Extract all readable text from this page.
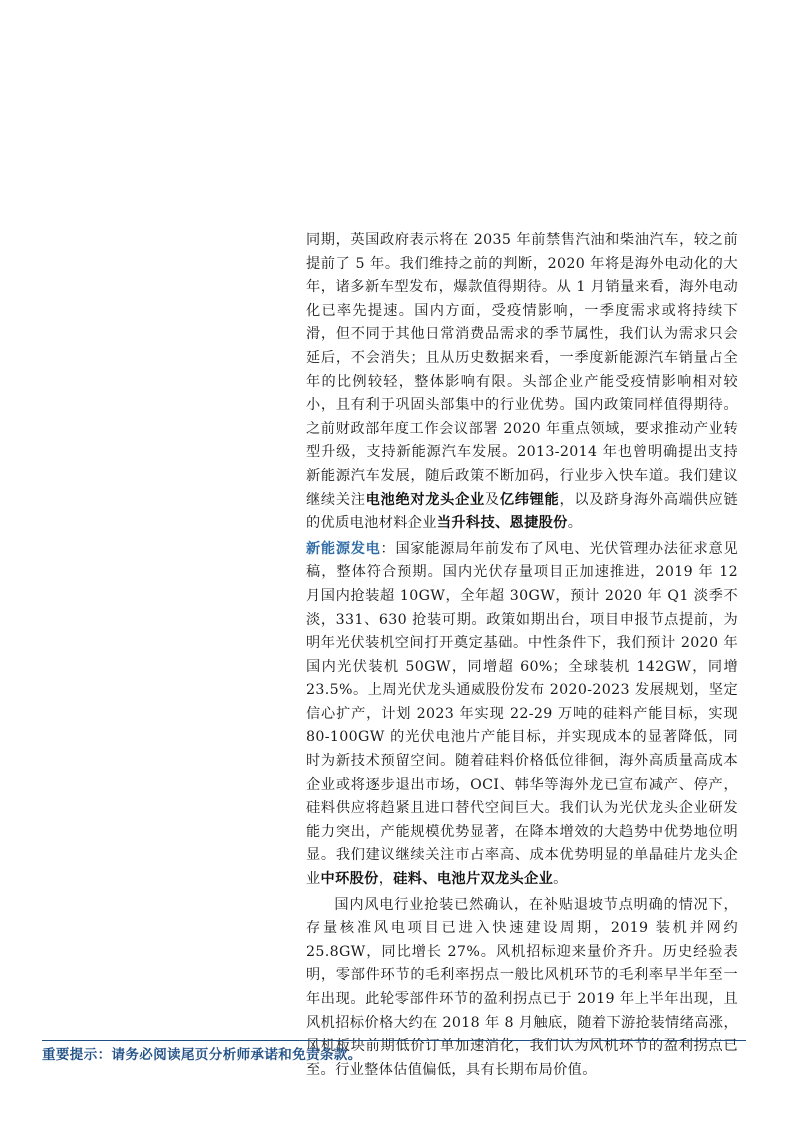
同期，英国政府表示将在 2035 年前禁售汽油和柴油汽车，较之前提前了 5 年。我们维持之前的判断，2020 年将是海外电动化的大年，诸多新车型发布，爆款值得期待。从 1 月销量来看，海外电动化已率先提速。国内方面，受疫情影响，一季度需求或将持续下滑，但不同于其他日常消费品需求的季节属性，我们认为需求只会延后，不会消失；且从历史数据来看，一季度新能源汽车销量占全年的比例较轻，整体影响有限。头部企业产能受疫情影响相对较小，且有利于巩固头部集中的行业优势。国内政策同样值得期待。之前财政部年度工作会议部署 2020 年重点领域，要求推动产业转型升级，支持新能源汽车发展。2013-2014 年也曾明确提出支持新能源汽车发展，随后政策不断加码，行业步入快车道。我们建议继续关注电池绝对龙头企业及亿纬锂能，以及跻身海外高端供应链的优质电池材料企业当升科技、恩捷股份。

新能源发电：国家能源局年前发布了风电、光伏管理办法征求意见稿，整体符合预期。国内光伏存量项目正加速推进，2019 年 12 月国内抢装超 10GW，全年超 30GW，预计 2020 年 Q1 淡季不淡，331、630 抢装可期。政策如期出台，项目申报节点提前，为明年光伏装机空间打开奠定基础。中性条件下，我们预计 2020 年国内光伏装机 50GW，同增超 60%；全球装机 142GW，同增 23.5%。上周光伏龙头通威股份发布 2020-2023 发展规划，坚定信心扩产，计划 2023 年实现 22-29 万吨的硅料产能目标，实现 80-100GW 的光伏电池片产能目标，并实现成本的显著降低，同时为新技术预留空间。随着硅料价格低位徘徊，海外高质量高成本企业或将逐步退出市场，OCI、韩华等海外龙已宣布减产、停产，硅料供应将趋紧且进口替代空间巨大。我们认为光伏龙头企业研发能力突出，产能规模优势显著，在降本增效的大趋势中优势地位明显。我们建议继续关注市占率高、成本优势明显的单晶硅片龙头企业中环股份，硅料、电池片双龙头企业。

国内风电行业抢装已然确认，在补贴退坡节点明确的情况下，存量核准风电项目已进入快速建设周期，2019 装机并网约 25.8GW，同比增长 27%。风机招标迎来量价齐升。历史经验表明，零部件环节的毛利率拐点一般比风机环节的毛利率早半年至一年出现。此轮零部件环节的盈利拐点已于 2019 年上半年出现，且风机招标价格大约在 2018 年 8 月触底，随着下游抢装情绪高涨，风机板块前期低价订单加速消化，我们认为风机环节的盈利拐点已至。行业整体估值偏低，具有长期布局价值。

重要提示：请务必阅读尾页分析师承诺和免责条款。
